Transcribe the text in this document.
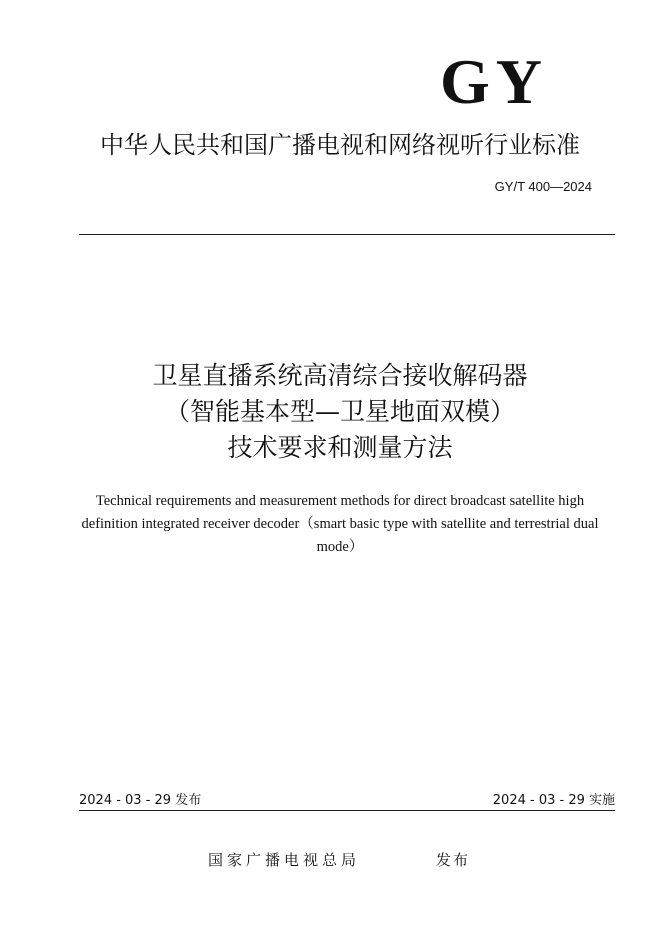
GY
中华人民共和国广播电视和网络视听行业标准
GY/T 400—2024
卫星直播系统高清综合接收解码器
（智能基本型—卫星地面双模）
技术要求和测量方法
Technical requirements and measurement methods for direct broadcast satellite high definition integrated receiver decoder（smart basic type with satellite and terrestrial dual mode）
2024 - 03 - 29 发布	2024 - 03 - 29 实施
国家广播电视总局	发布
